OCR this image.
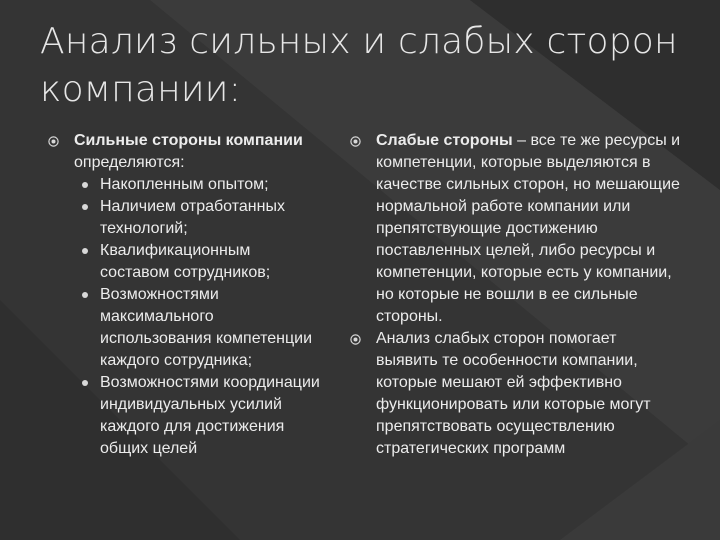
Анализ сильных и слабых сторон компании:

Сильные стороны компании определяются:

Накопленным опытом;
Наличием отработанных технологий;
Квалификационным составом сотрудников;
Возможностями максимального использования компетенции каждого сотрудника;
Возможностями координации индивидуальных усилий каждого для достижения общих целей

Слабые стороны – все те же ресурсы и компетенции, которые выделяются в качестве сильных сторон, но мешающие нормальной работе компании или препятствующие достижению поставленных целей, либо ресурсы и компетенции, которые есть у компании, но которые не вошли в ее сильные стороны.

Анализ слабых сторон помогает выявить те особенности компании, которые мешают ей эффективно функционировать или которые могут препятствовать осуществлению стратегических программ
